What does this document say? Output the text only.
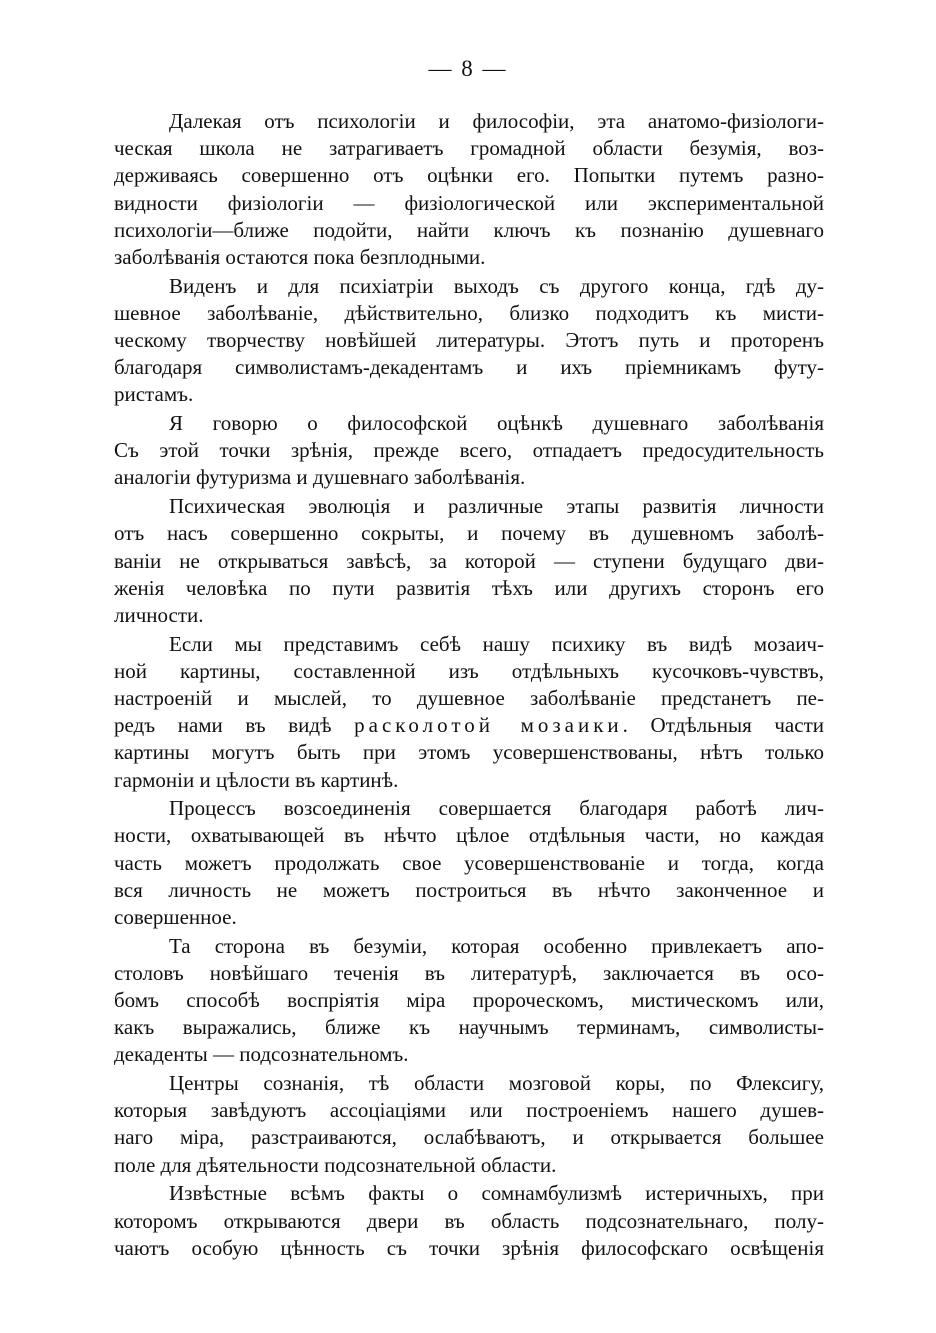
— 8 —
Далекая отъ психологіи и философіи, эта анатомо-физіологи-
ческая школа не затрагиваетъ громадной области безумія, воз-
держиваясь совершенно отъ оцѣнки его. Попытки путемъ разно-
видности физіологіи — физіологической или экспериментальной
психологіи—ближе подойти, найти ключъ къ познанію душевнаго
заболѣванія остаются пока безплодными.
Виденъ и для психіатріи выходъ съ другого конца, гдѣ ду-
шевное заболѣваніе, дѣйствительно, близко подходитъ къ мисти-
ческому творчеству новѣйшей литературы. Этотъ путь и проторенъ
благодаря символистамъ-декадентамъ и ихъ пріемникамъ футу-
ристамъ.
Я говорю о философской оцѣнкѣ душевнаго заболѣванія
Съ этой точки зрѣнія, прежде всего, отпадаетъ предосудительность
аналогіи футуризма и душевнаго заболѣванія.
Психическая эволюція и различные этапы развитія личности
отъ насъ совершенно сокрыты, и почему въ душевномъ заболѣ-
ваніи не открываться завѣсѣ, за которой — ступени будущаго дви-
женія человѣка по пути развитія тѣхъ или другихъ сторонъ его
личности.
Если мы представимъ себѣ нашу психику въ видѣ мозаич-
ной картины, составленной изъ отдѣльныхъ кусочковъ-чувствъ,
настроеній и мыслей, то душевное заболѣваніе предстанетъ пе-
редъ нами въ видѣ расколотой мозаики. Отдѣльныя части
картины могутъ быть при этомъ усовершенствованы, нѣтъ только
гармоніи и цѣлости въ картинѣ.
Процессъ возсоединенія совершается благодаря работѣ лич-
ности, охватывающей въ нѣчто цѣлое отдѣльныя части, но каждая
часть можетъ продолжать свое усовершенствованіе и тогда, когда
вся личность не можетъ построиться въ нѣчто законченное и
совершенное.
Та сторона въ безуміи, которая особенно привлекаетъ апо-
столовъ новѣйшаго теченія въ литературѣ, заключается въ осо-
бомъ способѣ воспріятія міра пророческомъ, мистическомъ или,
какъ выражались, ближе къ научнымъ терминамъ, символисты-
декаденты — подсознательномъ.
Центры сознанія, тѣ области мозговой коры, по Флексигу,
которыя завѣдуютъ ассоціаціями или построеніемъ нашего душев-
наго міра, разстраиваются, ослабѣваютъ, и открывается большее
поле для дѣятельности подсознательной области.
Извѣстные всѣмъ факты о сомнамбулизмѣ истеричныхъ, при
которомъ открываются двери въ область подсознательнаго, полу-
чаютъ особую цѣнность съ точки зрѣнія философскаго освѣщенія
